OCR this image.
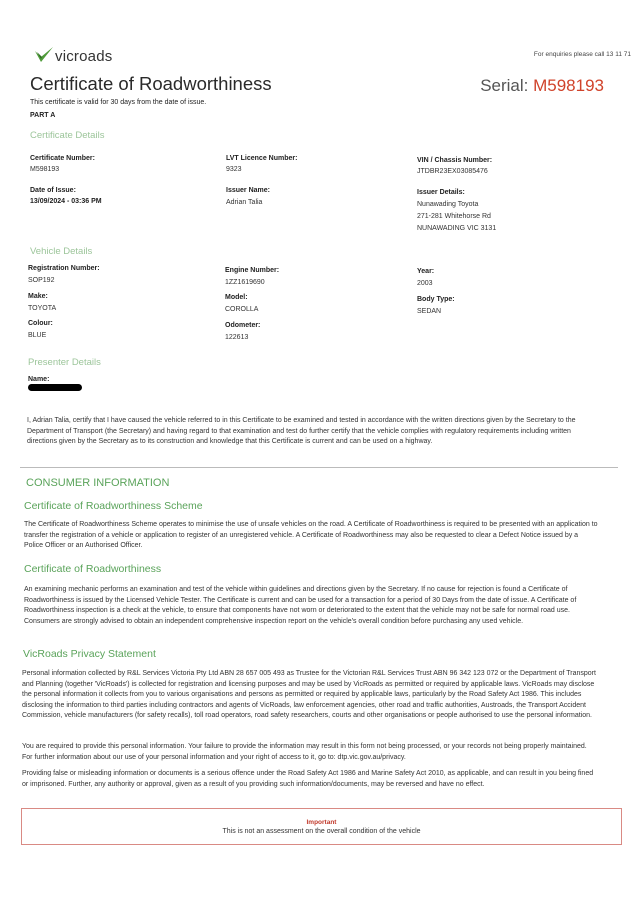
vicroads	For enquiries please call 13 11 71
Certificate of Roadworthiness	Serial: M598193
This certificate is valid for 30 days from the date of issue.
PART A
Certificate Details
Certificate Number:
M598193
LVT Licence Number:
9323
VIN / Chassis Number:
JTDBR23EX03085476
Date of Issue:
13/09/2024 - 03:36 PM
Issuer Name:
Adrian Talia
Issuer Details:
Nunawading Toyota
271-281 Whitehorse Rd
NUNAWADING VIC 3131
Vehicle Details
Registration Number:
SOP192
Engine Number:
1ZZ1619690
Year:
2003
Make:
TOYOTA
Model:
COROLLA
Body Type:
SEDAN
Colour:
BLUE
Odometer:
122613
Presenter Details
Name:
I, Adrian Talia, certify that I have caused the vehicle referred to in this Certificate to be examined and tested in accordance with the written directions given by the Secretary to the Department of Transport (the Secretary) and having regard to that examination and test do further certify that the vehicle complies with regulatory requirements including written directions given by the Secretary as to its construction and knowledge that this Certificate is current and can be used on a highway.
CONSUMER INFORMATION
Certificate of Roadworthiness Scheme
The Certificate of Roadworthiness Scheme operates to minimise the use of unsafe vehicles on the road. A Certificate of Roadworthiness is required to be presented with an application to transfer the registration of a vehicle or application to register of an unregistered vehicle. A Certificate of Roadworthiness may also be requested to clear a Defect Notice issued by a Police Officer or an Authorised Officer.
Certificate of Roadworthiness
An examining mechanic performs an examination and test of the vehicle within guidelines and directions given by the Secretary. If no cause for rejection is found a Certificate of Roadworthiness is issued by the Licensed Vehicle Tester. The Certificate is current and can be used for a transaction for a period of 30 Days from the date of issue. A Certificate of Roadworthiness inspection is a check at the vehicle, to ensure that components have not worn or deteriorated to the extent that the vehicle may not be safe for normal road use. Consumers are strongly advised to obtain an independent comprehensive inspection report on the vehicle's overall condition before purchasing any used vehicle.
VicRoads Privacy Statement
Personal information collected by R&L Services Victoria Pty Ltd ABN 28 657 005 493 as Trustee for the Victorian R&L Services Trust ABN 96 342 123 072 or the Department of Transport and Planning (together 'VicRoads') is collected for registration and licensing purposes and may be used by VicRoads as permitted or required by applicable laws. VicRoads may disclose the personal information it collects from you to various organisations and persons as permitted or required by applicable laws, particularly by the Road Safety Act 1986. This includes disclosing the information to third parties including contractors and agents of VicRoads, law enforcement agencies, other road and traffic authorities, Austroads, the Transport Accident Commission, vehicle manufacturers (for safety recalls), toll road operators, road safety researchers, courts and other organisations or people authorised to use the personal information.
You are required to provide this personal information. Your failure to provide the information may result in this form not being processed, or your records not being properly maintained. For further information about our use of your personal information and your right of access to it, go to: dtp.vic.gov.au/privacy.
Providing false or misleading information or documents is a serious offence under the Road Safety Act 1986 and Marine Safety Act 2010, as applicable, and can result in you being fined or imprisoned. Further, any authority or approval, given as a result of you providing such information/documents, may be reversed and have no effect.
Important
This is not an assessment on the overall condition of the vehicle
